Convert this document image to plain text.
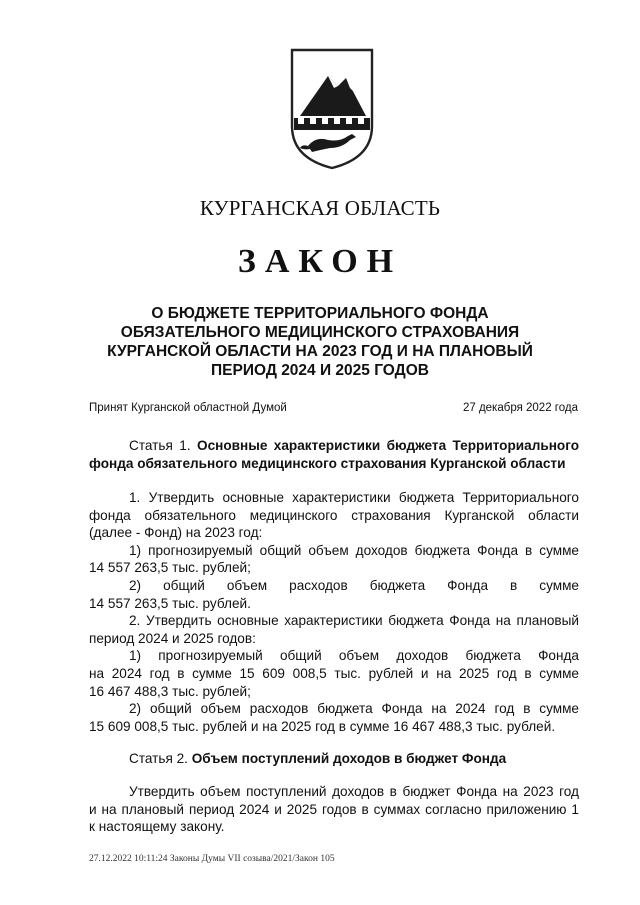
КУРГАНСКАЯ ОБЛАСТЬ
ЗАКОН
О БЮДЖЕТЕ ТЕРРИТОРИАЛЬНОГО ФОНДА
ОБЯЗАТЕЛЬНОГО МЕДИЦИНСКОГО СТРАХОВАНИЯ
КУРГАНСКОЙ ОБЛАСТИ НА 2023 ГОД И НА ПЛАНОВЫЙ
ПЕРИОД 2024 И 2025 ГОДОВ
Принят Курганской областной Думой	27 декабря 2022 года
Статья 1. Основные характеристики бюджета Территориального
фонда обязательного медицинского страхования Курганской области
1. Утвердить основные характеристики бюджета Территориального
фонда обязательного медицинского страхования Курганской области
(далее - Фонд) на 2023 год:
1) прогнозируемый общий объем доходов бюджета Фонда в сумме
14 557 263,5 тыс. рублей;
2) общий объем расходов бюджета Фонда в сумме
14 557 263,5 тыс. рублей.
2. Утвердить основные характеристики бюджета Фонда на плановый
период 2024 и 2025 годов:
1) прогнозируемый общий объем доходов бюджета Фонда
на 2024 год в сумме 15 609 008,5 тыс. рублей и на 2025 год в сумме
16 467 488,3 тыс. рублей;
2) общий объем расходов бюджета Фонда на 2024 год в сумме
15 609 008,5 тыс. рублей и на 2025 год в сумме 16 467 488,3 тыс. рублей.
Статья 2. Объем поступлений доходов в бюджет Фонда
Утвердить объем поступлений доходов в бюджет Фонда на 2023 год
и на плановый период 2024 и 2025 годов в суммах согласно приложению 1
к настоящему закону.
27.12.2022 10:11:24 Законы Думы VII созыва/2021/Закон 105
